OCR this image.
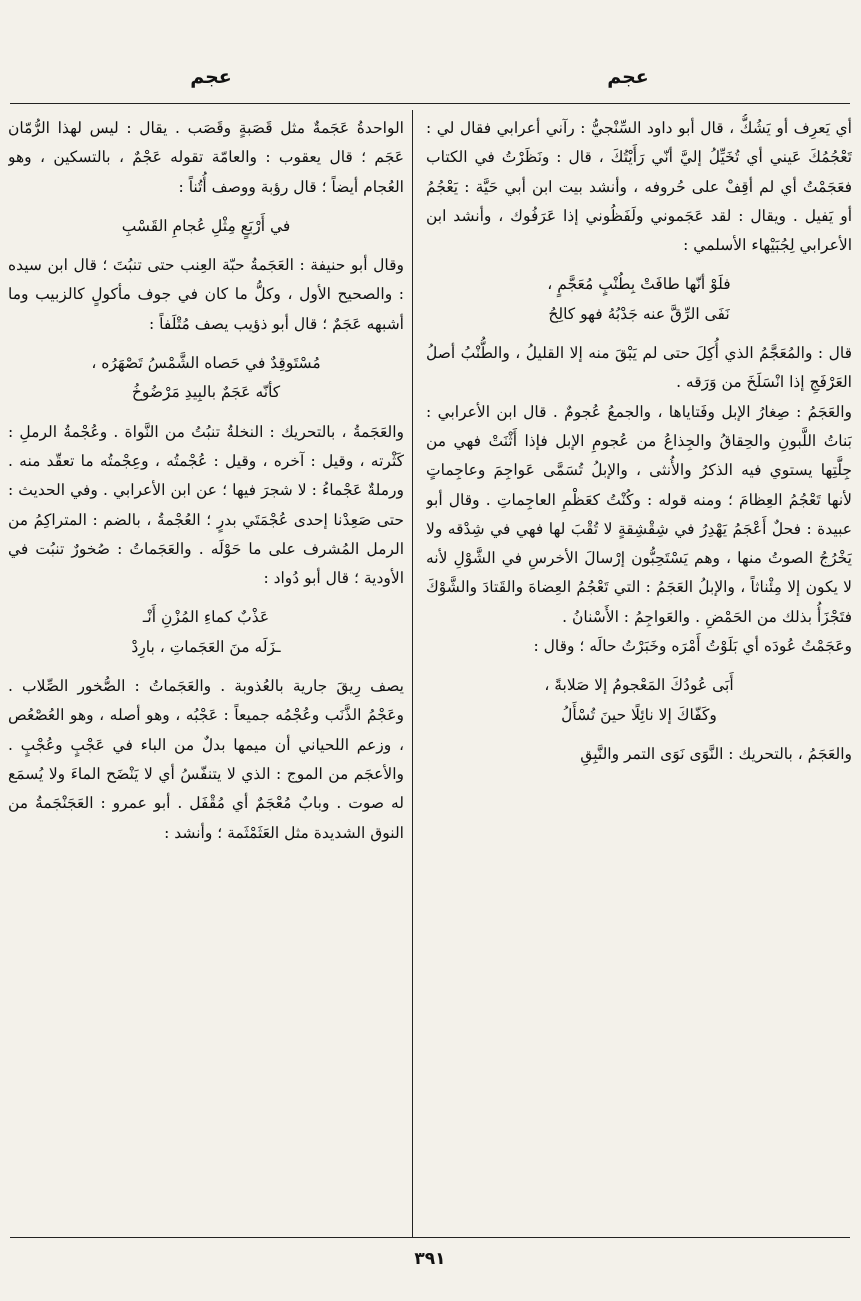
عجم
عجم

أي يَعرِف أو يَشُكُّ ، قال أبو داود السِّنْجيُّ : رآني أعرابي فقال لي : تَعْجُمُكَ عَيني أي تُخَيِّلُ إليَّ أنّي رَأَيْتُكَ ، قال : ونَظَرْتُ في الكتاب فعَجَمْتُ أي لم أقِفْ على حُروفه ، وأنشد بيت ابن أبي حَيَّة : يَعْجُمُ أو يَفيل . ويقال : لقد عَجَموني ولَفَظُوني إذا عَرَفُوك ، وأنشد ابن الأعرابي لِجُبَيْهاء الأسلمي :

فلَوْ أنّها طافَتْ بِطُنْبٍ مُعَجَّمٍ ،
نَفَى الرِّقَّ عنه جَدْبُهُ فهو كالِحُ

قال : والمُعَجَّمُ الذي أُكِلَ حتى لم يَبْقَ منه إلا القليلُ ، والطُّنْبُ أصلُ العَرْفَجِ إذا انْسَلَخَ من وَرَقه .

والعَجَمُ : صِغارُ الإبل وفَتاياها ، والجمعُ عُجومٌ . قال ابن الأعرابي : بَناتُ اللَّبونِ والحِقاقُ والجِذاعُ من عُجومِ الإبل فإذا أَثْنَتْ فهي من جِلَّتِها يستوي فيه الذكرُ والأُنثى ، والإبلُ تُسَمَّى عَواجِمَ وعاجِماتٍ لأنها تَعْجُمُ العِظامَ ؛ ومنه قوله : وكُنْتُ كعَظْمِ العاجِماتِ . وقال أبو عبيدة : فحلٌ أَعْجَمُ يَهْدِرُ في شِقْشِقةٍ لا تُقْبَ لها فهي في شِدْقه ولا يَخْرُجُ الصوتُ منها ، وهم يَسْتَحِبُّون إرْسالَ الأخرسِ في الشَّوْلِ لأنه لا يكون إلا مِئْناثاً ، والإبلُ العَجَمُ : التي تَعْجُمُ العِضاهَ والقَتادَ والشَّوْكَ فتَجْزَأُ بذلك من الحَمْضِ . والعَواجِمُ : الأَسْنانُ .

وعَجَمْتُ عُودَه أي بَلَوْتُ أَمْرَه وخَبَرْتُ حالَه ؛ وقال :

أَبَى عُودُكَ المَعْجومُ إلا صَلابةً ،
وكَفّاكَ إلا نائِلًا حينَ تُسْأَلُ

والعَجَمُ ، بالتحريك : النَّوَى نَوَى التمر والنَّبِقِ

الواحدةُ عَجَمةٌ مثل قَصَبةٍ وقَصَب . يقال : ليس لهذا الرُّمّان عَجَم ؛ قال يعقوب : والعامّة تقوله عَجْمٌ ، بالتسكين ، وهو العُجام أيضاً ؛ قال رؤبة ووصف أُتُناً :

في أَرْبَعٍ مِثْلِ عُجامِ القَسْبِ

وقال أبو حنيفة : العَجَمةُ حبّة العِنب حتى تنبُتَ ؛ قال ابن سيده : والصحيح الأول ، وكلُّ ما كان في جوف مأكولٍ كالزبيب وما أشبهه عَجَمٌ ؛ قال أبو ذؤيب يصف مُتْلَفاً :

مُسْتَوقِدٌ في حَصاه الشَّمْسُ تَصْهَرُه ،
كأنّه عَجَمٌ بالبِيدِ مَرْضُوخُ

والعَجَمةُ ، بالتحريك : النخلةُ تنبُتُ من النَّواة . وعُجْمةُ الرملِ : كَثْرته ، وقيل : آخره ، وقيل : عُجْمتُه ، وعِجْمتُه ما تعقّد منه . ورملةٌ عَجْماءُ : لا شجرَ فيها ؛ عن ابن الأعرابي . وفي الحديث : حتى صَعِدْنا إحدى عُجْمَتَي بدرٍ ؛ العُجْمةُ ، بالضم : المتراكِمُ من الرمل المُشرف على ما حَوْلَه . والعَجَماتُ : صُخورٌ تنبُت في الأودية ؛ قال أبو دُواد :

عَذْبٌ كماءِ المُزْنِ أَنْـ
ـزَلَه منَ العَجَماتِ ، بارِدْ

يصف رِيقَ جارية بالعُذوبة . والعَجَماتُ : الصُّخور الصِّلاب . وعَجْمُ الذَّنَب وعُجْمُه جميعاً : عَجْبُه ، وهو أصله ، وهو العُصْعُص ، وزعم اللحياني أن ميمها بدلٌ من الباء في عَجْبٍ وعُجْبٍ . والأعجَم من الموج : الذي لا يتنفّسُ أي لا يَنْضَح الماءَ ولا يُسمَع له صوت . وبابٌ مُعْجَمٌ أي مُقْفَل . أبو عمرو : العَجَنْجَمةُ من النوق الشديدة مثل العَثَمْثَمة ؛ وأنشد :

٣٩١
